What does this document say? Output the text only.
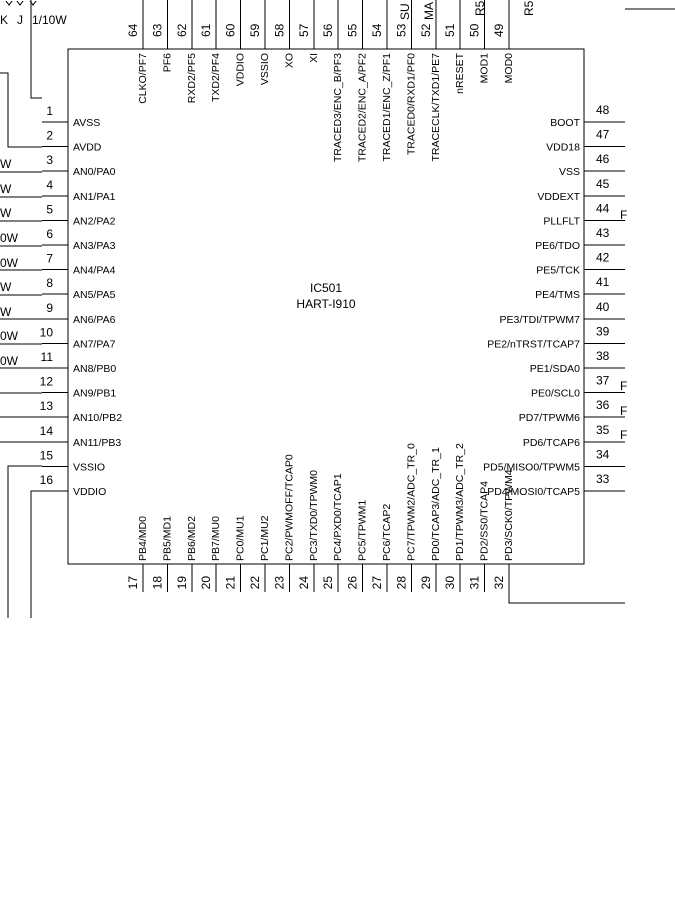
1
AVSS
2
AVDD
3
AN0/PA0
4
AN1/PA1
5
AN2/PA2
6
AN3/PA3
7
AN4/PA4
8
AN5/PA5
9
AN6/PA6
10
AN7/PA7
11
AN8/PB0
12
AN9/PB1
13
AN10/PB2
14
AN11/PB3
15
VSSIO
16
VDDIO
48
BOOT
47
VDD18
46
VSS
45
VDDEXT
44
PLLFLT
43
PE6/TDO
42
PE5/TCK
41
PE4/TMS
40
PE3/TDI/TPWM7
39
PE2/nTRST/TCAP7
38
PE1/SDA0
37
PE0/SCL0
36
PD7/TPWM6
35
PD6/TCAP6
34
PD5/MISO0/TPWM5
33
PD4/MOSI0/TCAP5
64
CLKO/PF7
63
PF6
62
RXD2/PF5
61
TXD2/PF4
60
VDDIO
59
VSSIO
58
XO
57
XI
56
TRACED3/ENC_B/PF3
55
TRACED2/ENC_A/PF2
54
TRACED1/ENC_Z/PF1
53
TRACED0/RXD1/PF0
52
TRACECLK/TXD1/PE7
51
nRESET
50
MOD1
49
MOD0
17
PB4/MD0
18
PB5/MD1
19
PB6/MD2
20
PB7/MU0
21
PC0/MU1
22
PC1/MU2
23
PC2/PWMOFF/TCAP0
24
PC3/TXD0/TPWM0
25
PC4/PXD0/TCAP1
26
PC5/TPWM1
27
PC6/TCAP2
28
PC7/TPWM2/ADC_TR_0
29
PD0/TCAP3/ADC_TR_1
30
PD1/TPWM3/ADC_TR_2
31
PD2/SS0/TCAP4
32
PD3/SCK0/TPWM4
IC501
HART-I910
K J 1/10W	SU MA	R5	R5
W
W
W
0W
0W
W
W
0W
0W
F
F
F
F
